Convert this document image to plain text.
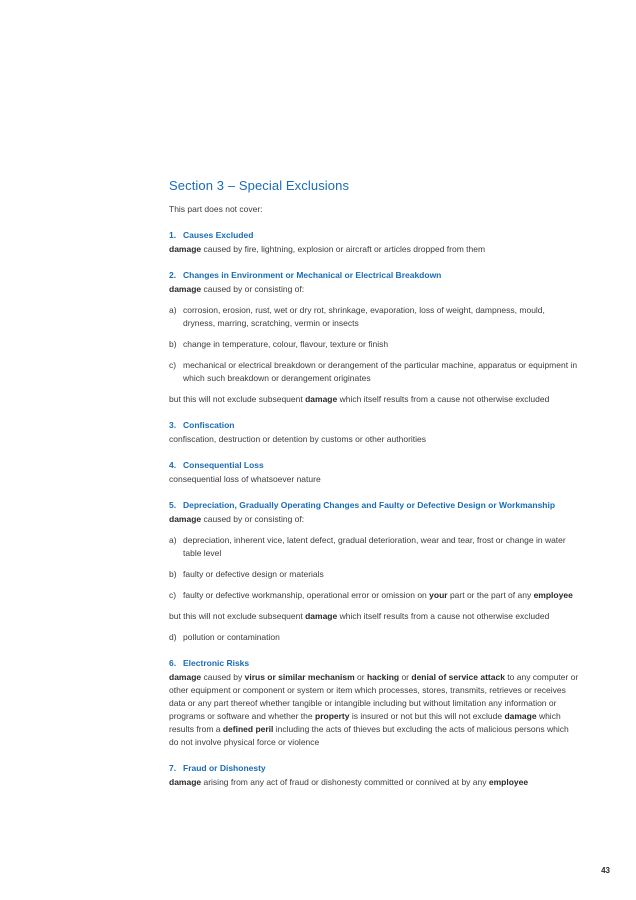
Section 3 – Special Exclusions

This part does not cover:

1. Causes Excluded

damage caused by fire, lightning, explosion or aircraft or articles dropped from them

2. Changes in Environment or Mechanical or Electrical Breakdown

damage caused by or consisting of:

a) corrosion, erosion, rust, wet or dry rot, shrinkage, evaporation, loss of weight, dampness, mould, dryness, marring, scratching, vermin or insects

b) change in temperature, colour, flavour, texture or finish

c) mechanical or electrical breakdown or derangement of the particular machine, apparatus or equipment in which such breakdown or derangement originates

but this will not exclude subsequent damage which itself results from a cause not otherwise excluded

3. Confiscation

confiscation, destruction or detention by customs or other authorities

4. Consequential Loss

consequential loss of whatsoever nature

5. Depreciation, Gradually Operating Changes and Faulty or Defective Design or Workmanship

damage caused by or consisting of:

a) depreciation, inherent vice, latent defect, gradual deterioration, wear and tear, frost or change in water table level

b) faulty or defective design or materials

c) faulty or defective workmanship, operational error or omission on your part or the part of any employee

but this will not exclude subsequent damage which itself results from a cause not otherwise excluded

d) pollution or contamination

6. Electronic Risks

damage caused by virus or similar mechanism or hacking or denial of service attack to any computer or other equipment or component or system or item which processes, stores, transmits, retrieves or receives data or any part thereof whether tangible or intangible including but without limitation any information or programs or software and whether the property is insured or not but this will not exclude damage which results from a defined peril including the acts of thieves but excluding the acts of malicious persons which do not involve physical force or violence

7. Fraud or Dishonesty

damage arising from any act of fraud or dishonesty committed or connived at by any employee

43
